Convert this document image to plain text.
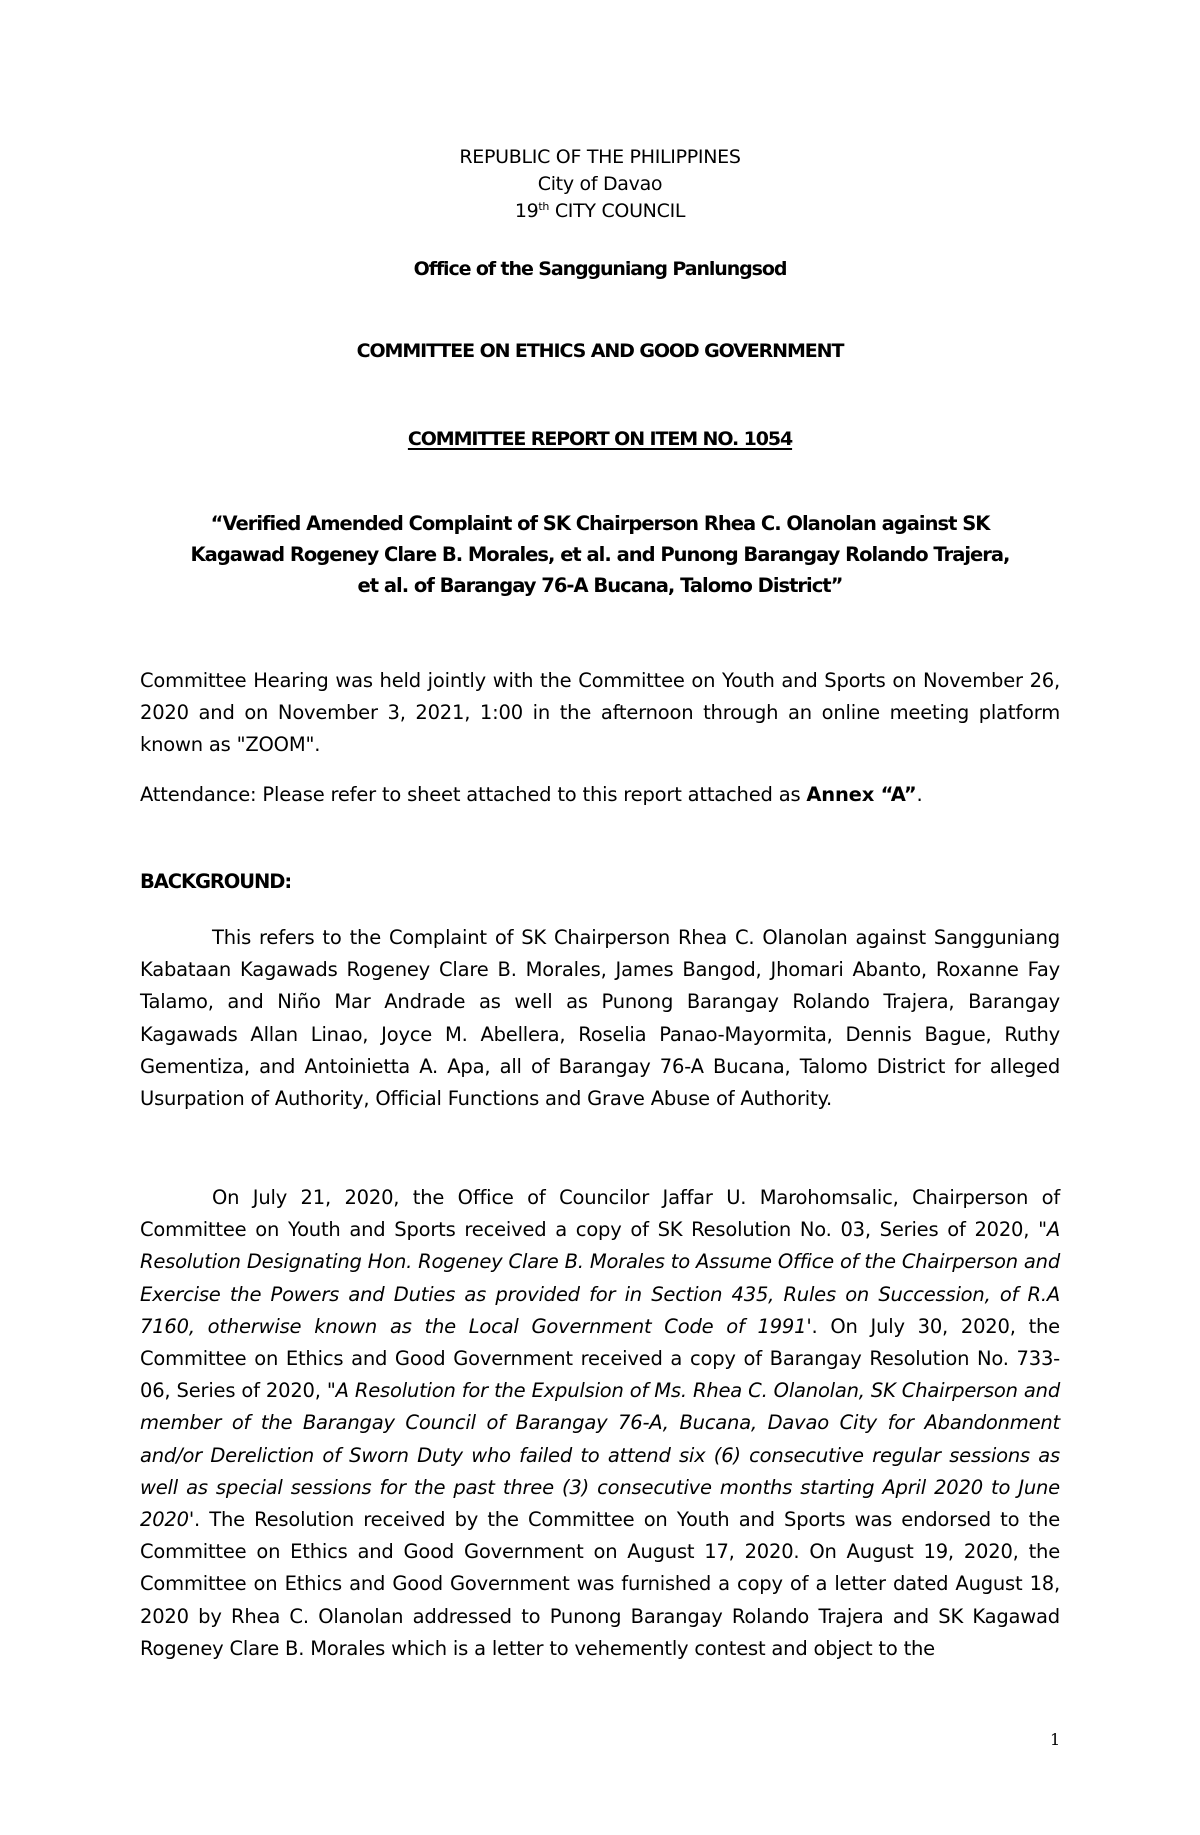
REPUBLIC OF THE PHILIPPINES
City of Davao
19th CITY COUNCIL
Office of the Sangguniang Panlungsod
COMMITTEE ON ETHICS AND GOOD GOVERNMENT
COMMITTEE REPORT ON ITEM NO. 1054
“Verified Amended Complaint of SK Chairperson Rhea C. Olanolan against SK Kagawad Rogeney Clare B. Morales, et al. and Punong Barangay Rolando Trajera, et al. of Barangay 76-A Bucana, Talomo District”
Committee Hearing was held jointly with the Committee on Youth and Sports on November 26, 2020 and on November 3, 2021, 1:00 in the afternoon through an online meeting platform known as "ZOOM".
Attendance: Please refer to sheet attached to this report attached as Annex “A”.
BACKGROUND:
This refers to the Complaint of SK Chairperson Rhea C. Olanolan against Sangguniang Kabataan Kagawads Rogeney Clare B. Morales, James Bangod, Jhomari Abanto, Roxanne Fay Talamo, and Niño Mar Andrade as well as Punong Barangay Rolando Trajera, Barangay Kagawads Allan Linao, Joyce M. Abellera, Roselia Panao-Mayormita, Dennis Bague, Ruthy Gementiza, and Antoinietta A. Apa, all of Barangay 76-A Bucana, Talomo District for alleged Usurpation of Authority, Official Functions and Grave Abuse of Authority.
On July 21, 2020, the Office of Councilor Jaffar U. Marohomsalic, Chairperson of Committee on Youth and Sports received a copy of SK Resolution No. 03, Series of 2020, "A Resolution Designating Hon. Rogeney Clare B. Morales to Assume Office of the Chairperson and Exercise the Powers and Duties as provided for in Section 435, Rules on Succession, of R.A 7160, otherwise known as the Local Government Code of 1991'. On July 30, 2020, the Committee on Ethics and Good Government received a copy of Barangay Resolution No. 733-06, Series of 2020, "A Resolution for the Expulsion of Ms. Rhea C. Olanolan, SK Chairperson and member of the Barangay Council of Barangay 76-A, Bucana, Davao City for Abandonment and/or Dereliction of Sworn Duty who failed to attend six (6) consecutive regular sessions as well as special sessions for the past three (3) consecutive months starting April 2020 to June 2020'. The Resolution received by the Committee on Youth and Sports was endorsed to the Committee on Ethics and Good Government on August 17, 2020. On August 19, 2020, the Committee on Ethics and Good Government was furnished a copy of a letter dated August 18, 2020 by Rhea C. Olanolan addressed to Punong Barangay Rolando Trajera and SK Kagawad Rogeney Clare B. Morales which is a letter to vehemently contest and object to the
1
